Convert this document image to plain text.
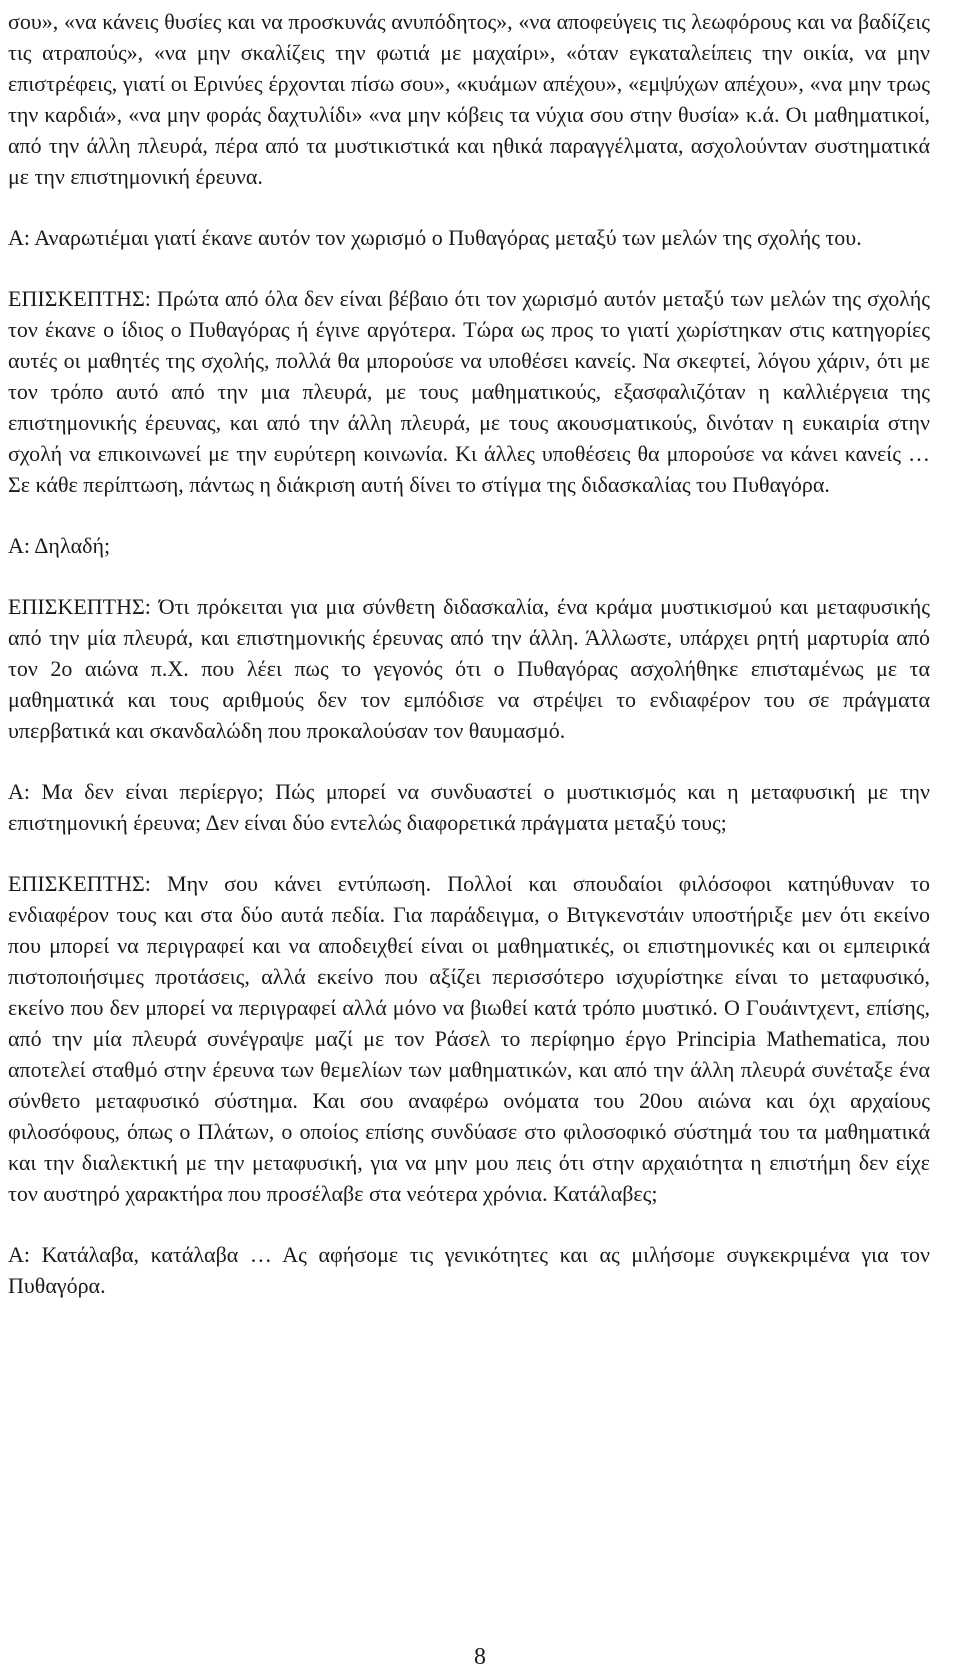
σου», «να κάνεις θυσίες και να προσκυνάς ανυπόδητος», «να αποφεύγεις τις λεωφόρους και να βαδίζεις τις ατραπούς», «να μην σκαλίζεις την φωτιά με μαχαίρι», «όταν εγκαταλείπεις την οικία, να μην επιστρέφεις, γιατί οι Ερινύες έρχονται πίσω σου», «κυάμων απέχου», «εμψύχων απέχου», «να μην τρως την καρδιά», «να μην φοράς δαχτυλίδι» «να μην κόβεις τα νύχια σου στην θυσία» κ.ά. Οι μαθηματικοί, από την άλλη πλευρά, πέρα από τα μυστικιστικά και ηθικά παραγγέλματα, ασχολούνταν συστηματικά με την επιστημονική έρευνα.

Α: Αναρωτιέμαι γιατί έκανε αυτόν τον χωρισμό ο Πυθαγόρας μεταξύ των μελών της σχολής του.

ΕΠΙΣΚΕΠΤΗΣ: Πρώτα από όλα δεν είναι βέβαιο ότι τον χωρισμό αυτόν μεταξύ των μελών της σχολής τον έκανε ο ίδιος ο Πυθαγόρας ή έγινε αργότερα. Τώρα ως προς το γιατί χωρίστηκαν στις κατηγορίες αυτές οι μαθητές της σχολής, πολλά θα μπορούσε να υποθέσει κανείς. Να σκεφτεί, λόγου χάριν, ότι με τον τρόπο αυτό από την μια πλευρά, με τους μαθηματικούς, εξασφαλιζόταν η καλλιέργεια της επιστημονικής έρευνας, και από την άλλη πλευρά, με τους ακουσματικούς, δινόταν η ευκαιρία στην σχολή να επικοινωνεί με την ευρύτερη κοινωνία. Κι άλλες υποθέσεις θα μπορούσε να κάνει κανείς … Σε κάθε περίπτωση, πάντως η διάκριση αυτή δίνει το στίγμα της διδασκαλίας του Πυθαγόρα.

Α: Δηλαδή;

ΕΠΙΣΚΕΠΤΗΣ: Ότι πρόκειται για μια σύνθετη διδασκαλία, ένα κράμα μυστικισμού και μεταφυσικής από την μία πλευρά, και επιστημονικής έρευνας από την άλλη. Άλλωστε, υπάρχει ρητή μαρτυρία από τον 2ο αιώνα π.Χ. που λέει πως το γεγονός ότι ο Πυθαγόρας ασχολήθηκε επισταμένως με τα μαθηματικά και τους αριθμούς δεν τον εμπόδισε να στρέψει το ενδιαφέρον του σε πράγματα υπερβατικά και σκανδαλώδη που προκαλούσαν τον θαυμασμό.

Α: Μα δεν είναι περίεργο; Πώς μπορεί να συνδυαστεί ο μυστικισμός και η μεταφυσική με την επιστημονική έρευνα; Δεν είναι δύο εντελώς διαφορετικά πράγματα μεταξύ τους;

ΕΠΙΣΚΕΠΤΗΣ: Μην σου κάνει εντύπωση. Πολλοί και σπουδαίοι φιλόσοφοι κατηύθυναν το ενδιαφέρον τους και στα δύο αυτά πεδία. Για παράδειγμα, ο Βιτγκενστάιν υποστήριξε μεν ότι εκείνο που μπορεί να περιγραφεί και να αποδειχθεί είναι οι μαθηματικές, οι επιστημονικές και οι εμπειρικά πιστοποιήσιμες προτάσεις, αλλά εκείνο που αξίζει περισσότερο ισχυρίστηκε είναι το μεταφυσικό, εκείνο που δεν μπορεί να περιγραφεί αλλά μόνο να βιωθεί κατά τρόπο μυστικό. Ο Γουάιντχεντ, επίσης, από την μία πλευρά συνέγραψε μαζί με τον Ράσελ το περίφημο έργο Principia Mathematica, που αποτελεί σταθμό στην έρευνα των θεμελίων των μαθηματικών, και από την άλλη πλευρά συνέταξε ένα σύνθετο μεταφυσικό σύστημα. Και σου αναφέρω ονόματα του 20ου αιώνα και όχι αρχαίους φιλοσόφους, όπως ο Πλάτων, ο οποίος επίσης συνδύασε στο φιλοσοφικό σύστημά του τα μαθηματικά και την διαλεκτική με την μεταφυσική, για να μην μου πεις ότι στην αρχαιότητα η επιστήμη δεν είχε τον αυστηρό χαρακτήρα που προσέλαβε στα νεότερα χρόνια. Κατάλαβες;

Α: Κατάλαβα, κατάλαβα … Ας αφήσομε τις γενικότητες και ας μιλήσομε συγκεκριμένα για τον Πυθαγόρα.

8
